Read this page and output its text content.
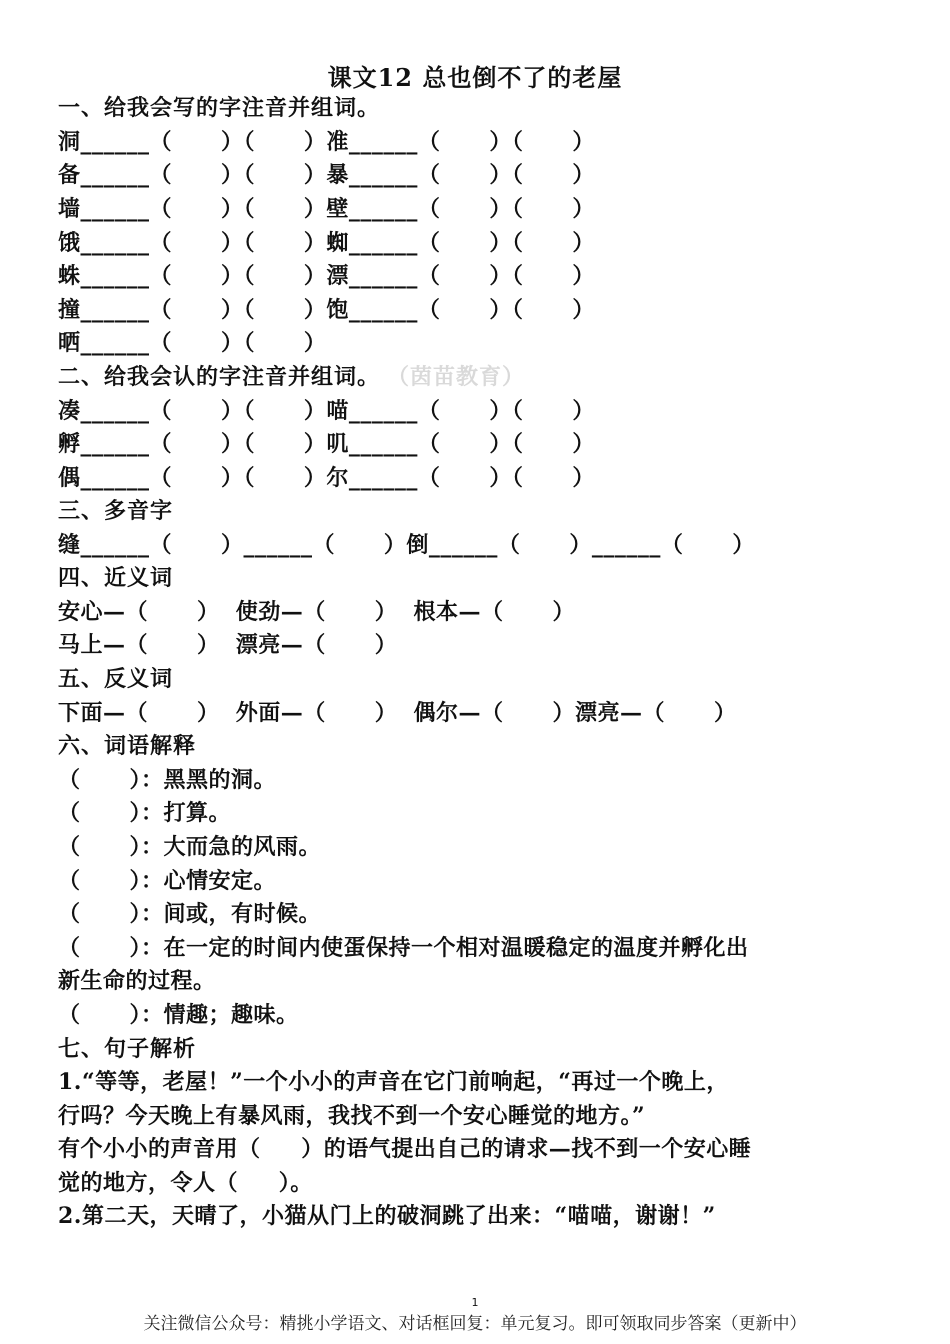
课文12 总也倒不了的老屋
一、给我会写的字注音并组词。
洞______（      ）（      ）准______（      ）（      ）
备______（      ）（      ）暴______（      ）（      ）
墙______（      ）（      ）壁______（      ）（      ）
饿______（      ）（      ）蜘______（      ）（      ）
蛛______（      ）（      ）漂______（      ）（      ）
撞______（      ）（      ）饱______（      ）（      ）
晒______（      ）（      ）
二、给我会认的字注音并组词。 （茵苗教育）
凑______（      ）（      ）喵______（      ）（      ）
孵______（      ）（      ）叽______（      ）（      ）
偶______（      ）（      ）尔______（      ）（      ）
三、多音字
缝______（      ）______（      ）倒______（      ）______（      ）
四、近义词
安心—（      ）  使劲—（      ）  根本—（      ）
马上—（      ）  漂亮—（      ）
五、反义词
下面—（      ）  外面—（      ）  偶尔—（      ）漂亮—（      ）
六、词语解释
（      ）：黑黑的洞。
（      ）：打算。
（      ）：大而急的风雨。
（      ）：心情安定。
（      ）：间或，有时候。
（      ）：在一定的时间内使蛋保持一个相对温暖稳定的温度并孵化出
新生命的过程。
（      ）：情趣；趣味。
七、句子解析
1.“等等，老屋！”一个小小的声音在它门前响起，“再过一个晚上，
行吗？今天晚上有暴风雨，我找不到一个安心睡觉的地方。”
有个小小的声音用（     ）的语气提出自己的请求—找不到一个安心睡
觉的地方，令人（     ）。
2.第二天，天晴了，小猫从门上的破洞跳了出来：“喵喵，谢谢！”
1
关注微信公众号：精挑小学语文、对话框回复：单元复习。即可领取同步答案（更新中）
